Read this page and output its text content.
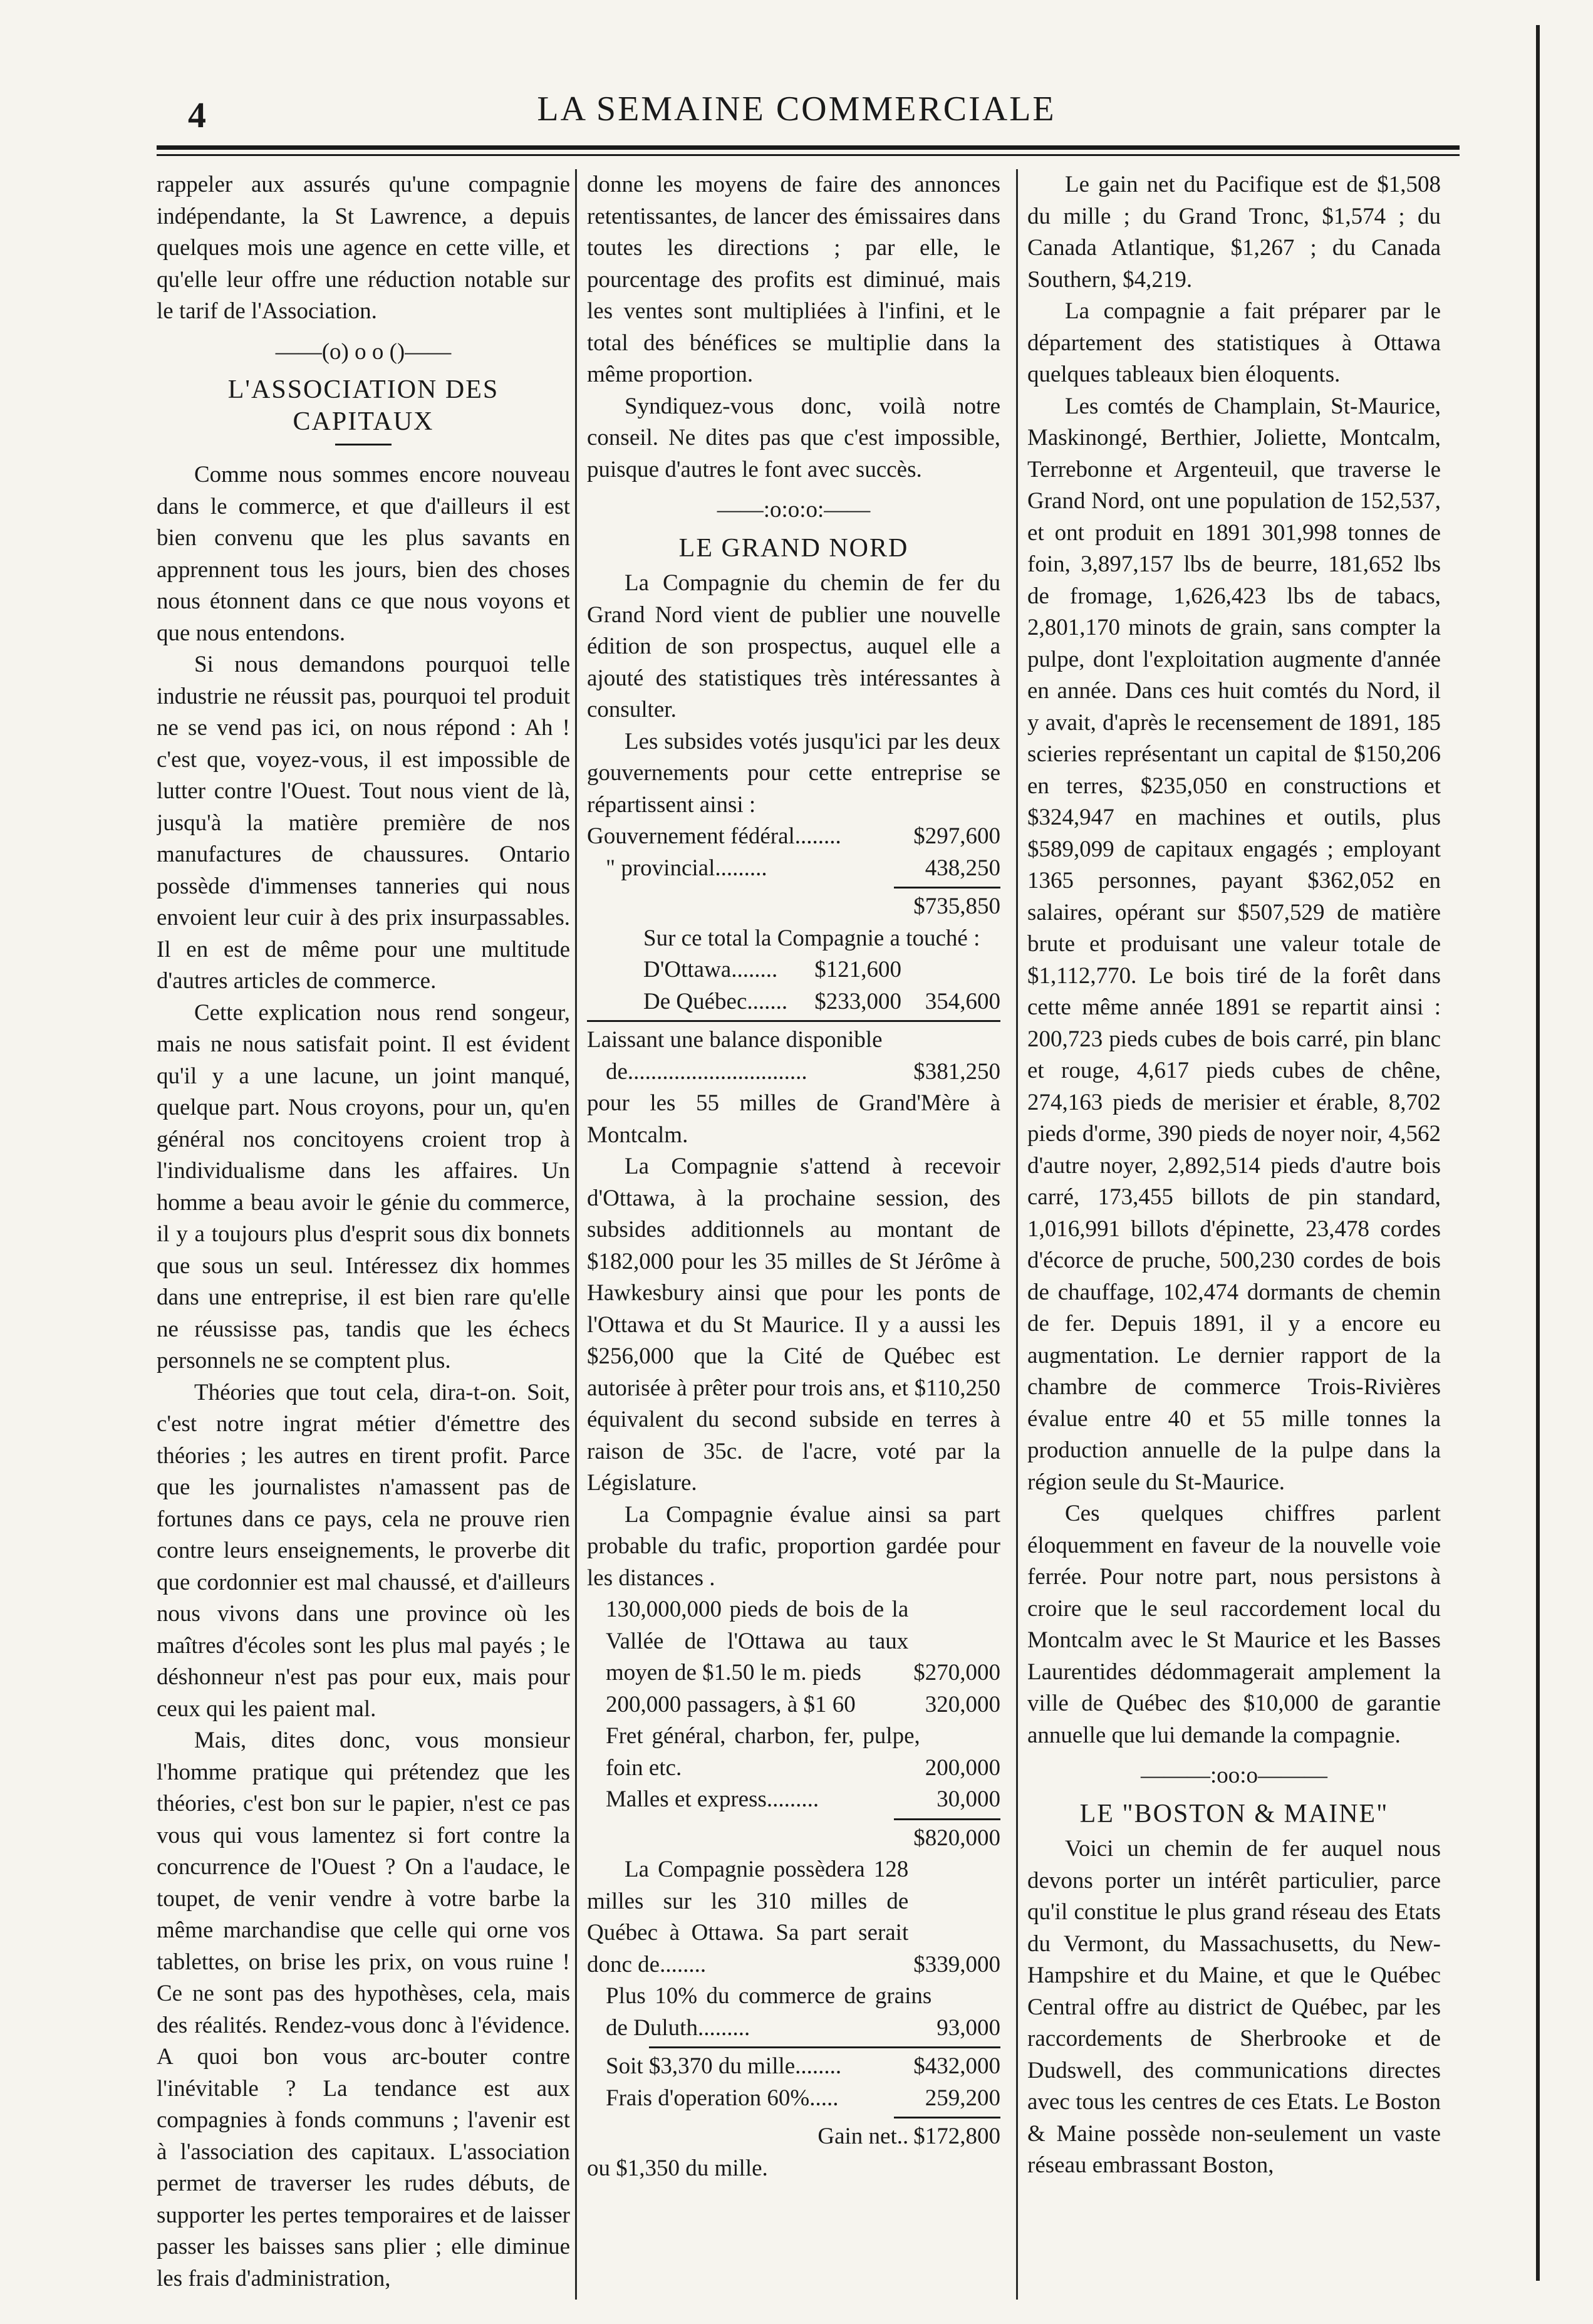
4	LA SEMAINE COMMERCIALE

rappeler aux assurés qu'une compagnie indépendante, la St Lawrence, a depuis quelques mois une agence en cette ville, et qu'elle leur offre une réduction notable sur le tarif de l'Association.

——(o) o o ()——
L'ASSOCIATION DES CAPITAUX

Comme nous sommes encore nouveau dans le commerce, et que d'ailleurs il est bien convenu que les plus savants en apprennent tous les jours, bien des choses nous étonnent dans ce que nous voyons et que nous entendons.

Si nous demandons pourquoi telle industrie ne réussit pas, pourquoi tel produit ne se vend pas ici, on nous répond : Ah ! c'est que, voyez-vous, il est impossible de lutter contre l'Ouest. Tout nous vient de là, jusqu'à la matière première de nos manufactures de chaussures. Ontario possède d'immenses tanneries qui nous envoient leur cuir à des prix insurpassables. Il en est de même pour une multitude d'autres articles de commerce.

Cette explication nous rend songeur, mais ne nous satisfait point. Il est évident qu'il y a une lacune, un joint manqué, quelque part. Nous croyons, pour un, qu'en général nos concitoyens croient trop à l'individualisme dans les affaires. Un homme a beau avoir le génie du commerce, il y a toujours plus d'esprit sous dix bonnets que sous un seul. Intéressez dix hommes dans une entreprise, il est bien rare qu'elle ne réussisse pas, tandis que les échecs personnels ne se comptent plus.

Théories que tout cela, dira-t-on. Soit, c'est notre ingrat métier d'émettre des théories ; les autres en tirent profit. Parce que les journalistes n'amassent pas de fortunes dans ce pays, cela ne prouve rien contre leurs enseignements, le proverbe dit que cordonnier est mal chaussé, et d'ailleurs nous vivons dans une province où les maîtres d'écoles sont les plus mal payés ; le déshonneur n'est pas pour eux, mais pour ceux qui les paient mal.

Mais, dites donc, vous monsieur l'homme pratique qui prétendez que les théories, c'est bon sur le papier, n'est ce pas vous qui vous lamentez si fort contre la concurrence de l'Ouest ? On a l'audace, le toupet, de venir vendre à votre barbe la même marchandise que celle qui orne vos tablettes, on brise les prix, on vous ruine ! Ce ne sont pas des hypothèses, cela, mais des réalités. Rendez-vous donc à l'évidence. A quoi bon vous arc-bouter contre l'inévitable ? La tendance est aux compagnies à fonds communs ; l'avenir est à l'association des capitaux. L'association permet de traverser les rudes débuts, de supporter les pertes temporaires et de laisser passer les baisses sans plier ; elle diminue les frais d'administration,

donne les moyens de faire des annonces retentissantes, de lancer des émissaires dans toutes les directions ; par elle, le pourcentage des profits est diminué, mais les ventes sont multipliées à l'infini, et le total des bénéfices se multiplie dans la même proportion.

Syndiquez-vous donc, voilà notre conseil. Ne dites pas que c'est impossible, puisque d'autres le font avec succès.

——:o:o:o:——
LE GRAND NORD

La Compagnie du chemin de fer du Grand Nord vient de publier une nouvelle édition de son prospectus, auquel elle a ajouté des statistiques très intéressantes à consulter.

Les subsides votés jusqu'ici par les deux gouvernements pour cette entreprise se répartissent ainsi :

Gouvernement fédéral........	$297,600
" provincial.........	438,250
$735,850

Sur ce total la Compagnie a touché :

D'Ottawa........	$121,600
De Québec.......	$233,000	354,600

Laissant une balance disponible

de...............................	$381,250

pour les 55 milles de Grand'Mère à Montcalm.

La Compagnie s'attend à recevoir d'Ottawa, à la prochaine session, des subsides additionnels au montant de $182,000 pour les 35 milles de St Jérôme à Hawkesbury ainsi que pour les ponts de l'Ottawa et du St Maurice. Il y a aussi les $256,000 que la Cité de Québec est autorisée à prêter pour trois ans, et $110,250 équivalent du second subside en terres à raison de 35c. de l'acre, voté par la Législature.

La Compagnie évalue ainsi sa part probable du trafic, proportion gardée pour les distances .

130,000,000 pieds de bois de la Vallée de l'Ottawa au taux moyen de $1.50 le m. pieds	$270,000
200,000 passagers, à $1 60	320,000
Fret général, charbon, fer, pulpe, foin etc.	200,000
Malles et express.........	30,000
$820,000
La Compagnie possèdera 128 milles sur les 310 milles de Québec à Ottawa. Sa part serait donc de........	$339,000
Plus 10% du commerce de grains de Duluth.........	93,000
Soit $3,370 du mille........	$432,000
Frais d'operation 60%.....	259,200
Gain net.. $172,800

ou $1,350 du mille.

Le gain net du Pacifique est de $1,508 du mille ; du Grand Tronc, $1,574 ; du Canada Atlantique, $1,267 ; du Canada Southern, $4,219.

La compagnie a fait préparer par le département des statistiques à Ottawa quelques tableaux bien éloquents.

Les comtés de Champlain, St-Maurice, Maskinongé, Berthier, Joliette, Montcalm, Terrebonne et Argenteuil, que traverse le Grand Nord, ont une population de 152,537, et ont produit en 1891 301,998 tonnes de foin, 3,897,157 lbs de beurre, 181,652 lbs de fromage, 1,626,423 lbs de tabacs, 2,801,170 minots de grain, sans compter la pulpe, dont l'exploitation augmente d'année en année. Dans ces huit comtés du Nord, il y avait, d'après le recensement de 1891, 185 scieries représentant un capital de $150,206 en terres, $235,050 en constructions et $324,947 en machines et outils, plus $589,099 de capitaux engagés ; employant 1365 personnes, payant $362,052 en salaires, opérant sur $507,529 de matière brute et produisant une valeur totale de $1,112,770. Le bois tiré de la forêt dans cette même année 1891 se repartit ainsi : 200,723 pieds cubes de bois carré, pin blanc et rouge, 4,617 pieds cubes de chêne, 274,163 pieds de merisier et érable, 8,702 pieds d'orme, 390 pieds de noyer noir, 4,562 d'autre noyer, 2,892,514 pieds d'autre bois carré, 173,455 billots de pin standard, 1,016,991 billots d'épinette, 23,478 cordes d'écorce de pruche, 500,230 cordes de bois de chauffage, 102,474 dormants de chemin de fer. Depuis 1891, il y a encore eu augmentation. Le dernier rapport de la chambre de commerce Trois-Rivières évalue entre 40 et 55 mille tonnes la production annuelle de la pulpe dans la région seule du St-Maurice.

Ces quelques chiffres parlent éloquemment en faveur de la nouvelle voie ferrée. Pour notre part, nous persistons à croire que le seul raccordement local du Montcalm avec le St Maurice et les Basses Laurentides dédommagerait amplement la ville de Québec des $10,000 de garantie annuelle que lui demande la compagnie.

———:oo:o———
LE "BOSTON & MAINE"

Voici un chemin de fer auquel nous devons porter un intérêt particulier, parce qu'il constitue le plus grand réseau des Etats du Vermont, du Massachusetts, du New-Hampshire et du Maine, et que le Québec Central offre au district de Québec, par les raccordements de Sherbrooke et de Dudswell, des communications directes avec tous les centres de ces Etats. Le Boston & Maine possède non-seulement un vaste réseau embrassant Boston,
